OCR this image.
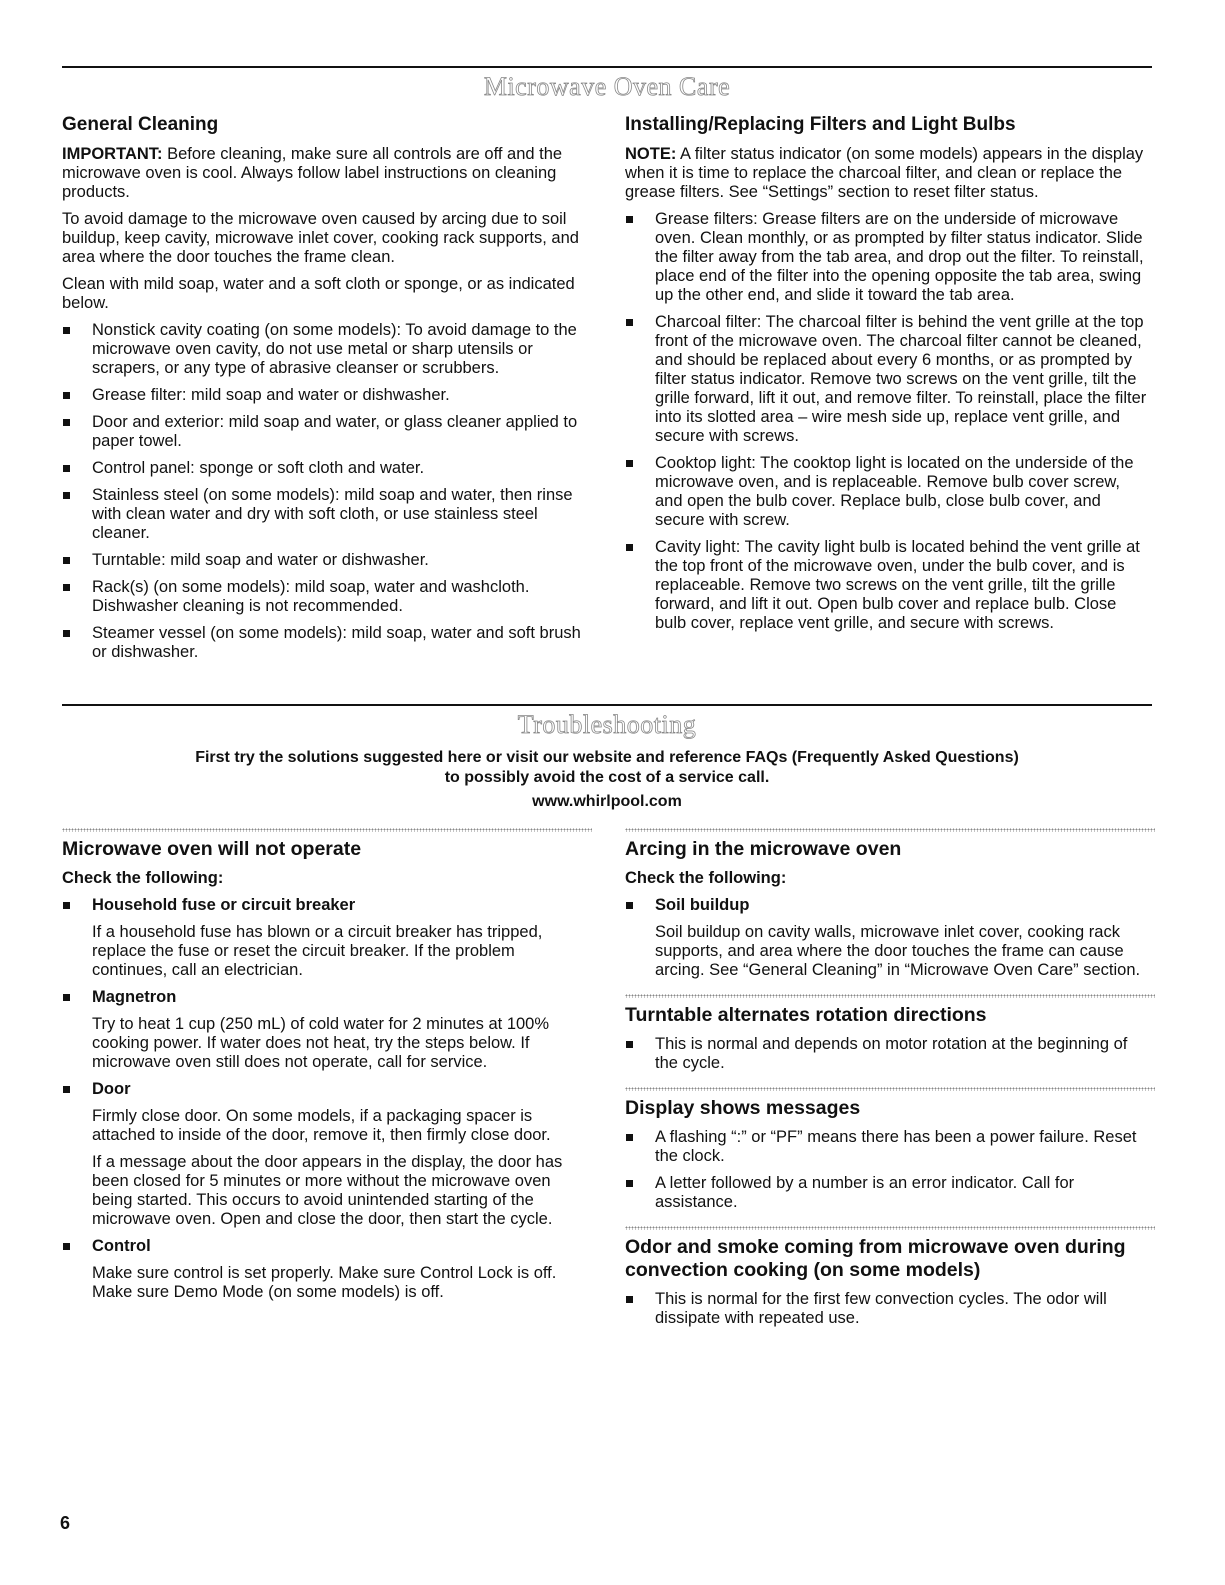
Microwave Oven Care
General Cleaning

IMPORTANT: Before cleaning, make sure all controls are off and the microwave oven is cool. Always follow label instructions on cleaning products.

To avoid damage to the microwave oven caused by arcing due to soil buildup, keep cavity, microwave inlet cover, cooking rack supports, and area where the door touches the frame clean.

Clean with mild soap, water and a soft cloth or sponge, or as indicated below.

Nonstick cavity coating (on some models): To avoid damage to the microwave oven cavity, do not use metal or sharp utensils or scrapers, or any type of abrasive cleanser or scrubbers.
Grease filter: mild soap and water or dishwasher.
Door and exterior: mild soap and water, or glass cleaner applied to paper towel.
Control panel: sponge or soft cloth and water.
Stainless steel (on some models): mild soap and water, then rinse with clean water and dry with soft cloth, or use stainless steel cleaner.
Turntable: mild soap and water or dishwasher.
Rack(s) (on some models): mild soap, water and washcloth. Dishwasher cleaning is not recommended.
Steamer vessel (on some models): mild soap, water and soft brush or dishwasher.
Installing/Replacing Filters and Light Bulbs

NOTE: A filter status indicator (on some models) appears in the display when it is time to replace the charcoal filter, and clean or replace the grease filters. See “Settings” section to reset filter status.

Grease filters: Grease filters are on the underside of microwave oven. Clean monthly, or as prompted by filter status indicator. Slide the filter away from the tab area, and drop out the filter. To reinstall, place end of the filter into the opening opposite the tab area, swing up the other end, and slide it toward the tab area.
Charcoal filter: The charcoal filter is behind the vent grille at the top front of the microwave oven. The charcoal filter cannot be cleaned, and should be replaced about every 6 months, or as prompted by filter status indicator. Remove two screws on the vent grille, tilt the grille forward, lift it out, and remove filter. To reinstall, place the filter into its slotted area – wire mesh side up, replace vent grille, and secure with screws.
Cooktop light: The cooktop light is located on the underside of the microwave oven, and is replaceable. Remove bulb cover screw, and open the bulb cover. Replace bulb, close bulb cover, and secure with screw.
Cavity light: The cavity light bulb is located behind the vent grille at the top front of the microwave oven, under the bulb cover, and is replaceable. Remove two screws on the vent grille, tilt the grille forward, and lift it out. Open bulb cover and replace bulb. Close bulb cover, replace vent grille, and secure with screws.
Troubleshooting
First try the solutions suggested here or visit our website and reference FAQs (Frequently Asked Questions)
to possibly avoid the cost of a service call.
www.whirlpool.com
Microwave oven will not operate
Check the following:
Household fuse or circuit breaker
If a household fuse has blown or a circuit breaker has tripped, replace the fuse or reset the circuit breaker. If the problem continues, call an electrician.
Magnetron
Try to heat 1 cup (250 mL) of cold water for 2 minutes at 100% cooking power. If water does not heat, try the steps below. If microwave oven still does not operate, call for service.
Door
Firmly close door. On some models, if a packaging spacer is attached to inside of the door, remove it, then firmly close door.
If a message about the door appears in the display, the door has been closed for 5 minutes or more without the microwave oven being started. This occurs to avoid unintended starting of the microwave oven. Open and close the door, then start the cycle.
Control
Make sure control is set properly. Make sure Control Lock is off. Make sure Demo Mode (on some models) is off.
Arcing in the microwave oven
Check the following:
Soil buildup
Soil buildup on cavity walls, microwave inlet cover, cooking rack supports, and area where the door touches the frame can cause arcing. See “General Cleaning” in “Microwave Oven Care” section.
Turntable alternates rotation directions
This is normal and depends on motor rotation at the beginning of the cycle.
Display shows messages
A flashing “:” or “PF” means there has been a power failure. Reset the clock.
A letter followed by a number is an error indicator. Call for assistance.
Odor and smoke coming from microwave oven during convection cooking (on some models)
This is normal for the first few convection cycles. The odor will dissipate with repeated use.
6
